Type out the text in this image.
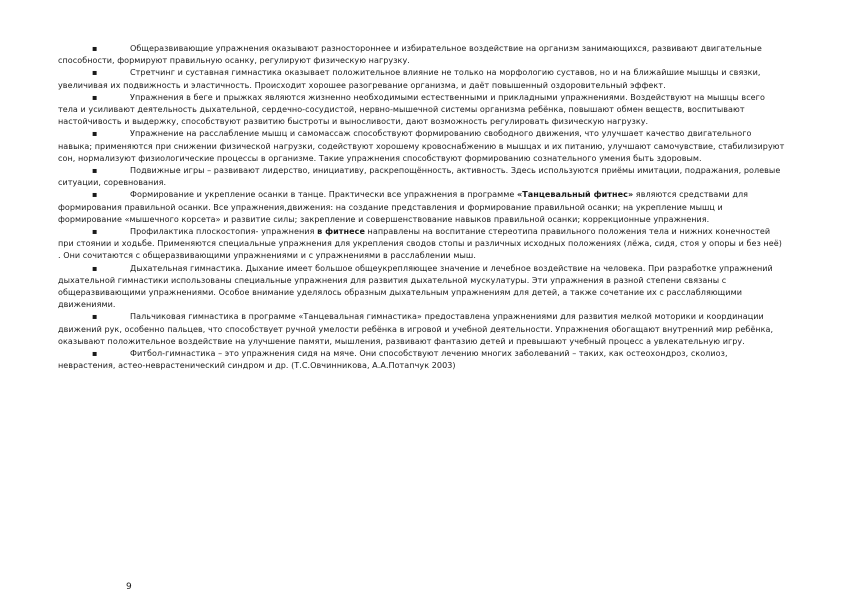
▪	Общеразвивающие упражнения оказывают разностороннее и избирательное воздействие на организм занимающихся, развивают двигательные способности, формируют правильную осанку, регулируют физическую нагрузку.

▪	Стретчинг и суставная гимнастика оказывает положительное влияние не только на морфологию суставов, но и на ближайшие мышцы и связки, увеличивая их подвижность и эластичность. Происходит хорошее разогревание организма, и даёт повышенный оздоровительный эффект.

▪	Упражнения в беге и прыжках являются жизненно необходимыми естественными и прикладными упражнениями. Воздействуют на мышцы всего тела и усиливают деятельность дыхательной, сердечно-сосудистой, нервно-мышечной системы организма ребёнка, повышают обмен веществ, воспитывают настойчивость и выдержку, способствуют развитию быстроты и выносливости, дают возможность регулировать физическую нагрузку.

▪	Упражнение на расслабление мышц и самомассаж способствуют формированию свободного движения, что улучшает качество двигательного навыка; применяются при снижении физической нагрузки, содействуют хорошему кровоснабжению в мышцах и их питанию, улучшают самочувствие, стабилизируют сон, нормализуют физиологические процессы в организме. Такие упражнения способствуют формированию сознательного умения быть здоровым.

▪	Подвижные игры – развивают лидерство, инициативу, раскрепощённость, активность. Здесь используются приёмы имитации, подражания, ролевые ситуации, соревнования.

▪	Формирование и укрепление осанки в танце. Практически все упражнения в программе «Танцевальный фитнес» являются средствами для формирования правильной осанки. Все упражнения,движения: на создание представления и формирование правильной осанки; на укрепление мышц и формирование «мышечного корсета» и развитие силы; закрепление и совершенствование навыков правильной осанки; коррекционные упражнения.

▪	Профилактика плоскостопия- упражнения в фитнесе направлены на воспитание стереотипа правильного положения тела и нижних конечностей при стоянии и ходьбе. Применяются специальные упражнения для укрепления сводов стопы и различных исходных положениях (лёжа, сидя, стоя у опоры и без неё) . Они сочитаются с общеразвивающими упражнениями и с упражнениями в расслаблении мыш.

▪	Дыхательная гимнастика. Дыхание имеет большое общеукрепляющее значение и лечебное воздействие на человека. При разработке упражнений дыхательной гимнастики использованы специальные упражнения для развития дыхательной мускулатуры. Эти упражнения в разной степени связаны с общеразвивающими упражнениями. Особое внимание уделялось образным дыхательным упражнениям для детей, а также сочетание их с расслабляющими движениями.

▪	Пальчиковая гимнастика в программе «Танцевальная гимнастика» предоставлена упражнениями для развития мелкой моторики и координации движений рук, особенно пальцев, что способствует ручной умелости ребёнка в игровой и учебной деятельности. Упражнения обогащают внутренний мир ребёнка, оказывают положительное воздействие на улучшение памяти, мышления, развивают фантазию детей и превышают учебный процесс а увлекательную игру.

▪	Фитбол-гимнастика – это упражнения сидя на мяче. Они способствуют лечению многих заболеваний – таких, как остеохондроз, сколиоз, неврастения, астео-неврастенический синдром и др. (Т.С.Овчинникова, А.А.Потапчук 2003)

9
